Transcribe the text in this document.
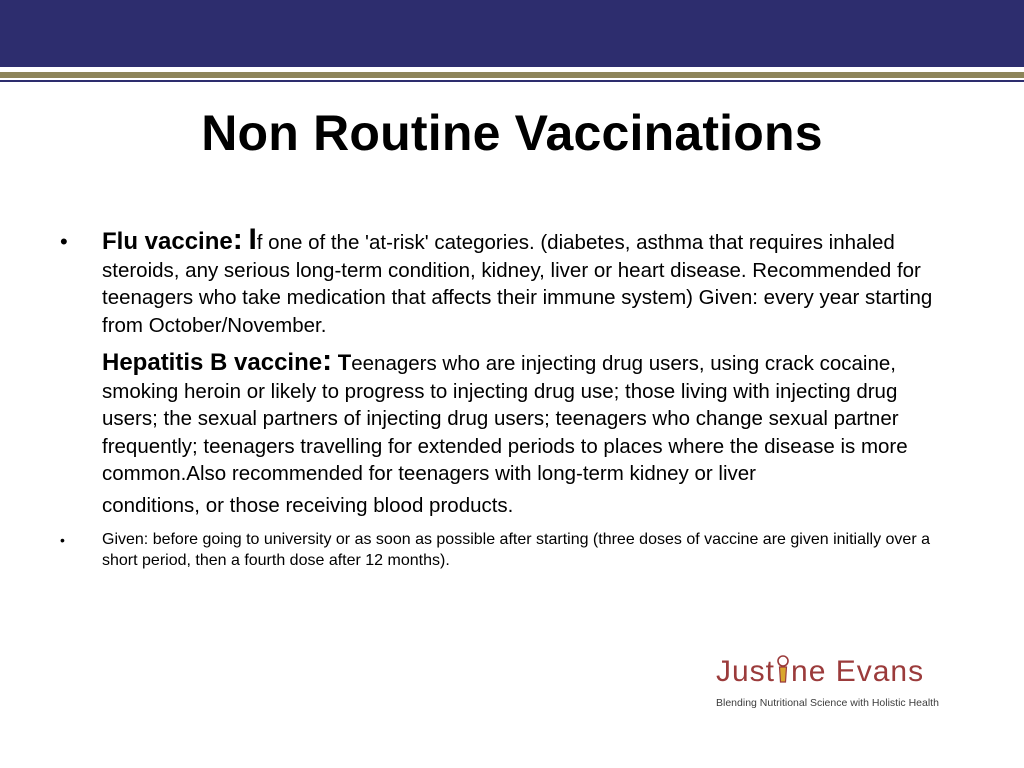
Non Routine Vaccinations
• Flu vaccine: If one of the 'at-risk' categories. (diabetes, asthma that requires inhaled steroids, any serious long-term condition, kidney, liver or heart disease. Recommended for teenagers who take medication that affects their immune system) Given: every year starting from October/November.
Hepatitis B vaccine: Teenagers who are injecting drug users, using crack cocaine, smoking heroin or likely to progress to injecting drug use; those living with injecting drug users; the sexual partners of injecting drug users; teenagers who change sexual partner frequently; teenagers travelling for extended periods to places where the disease is more common.Also recommended for teenagers with long-term kidney or liver conditions, or those receiving blood products.
• Given: before going to university or as soon as possible after starting (three doses of vaccine are given initially over a short period, then a fourth dose after 12 months).
Just ne Evans
Blending Nutritional Science with Holistic Health
